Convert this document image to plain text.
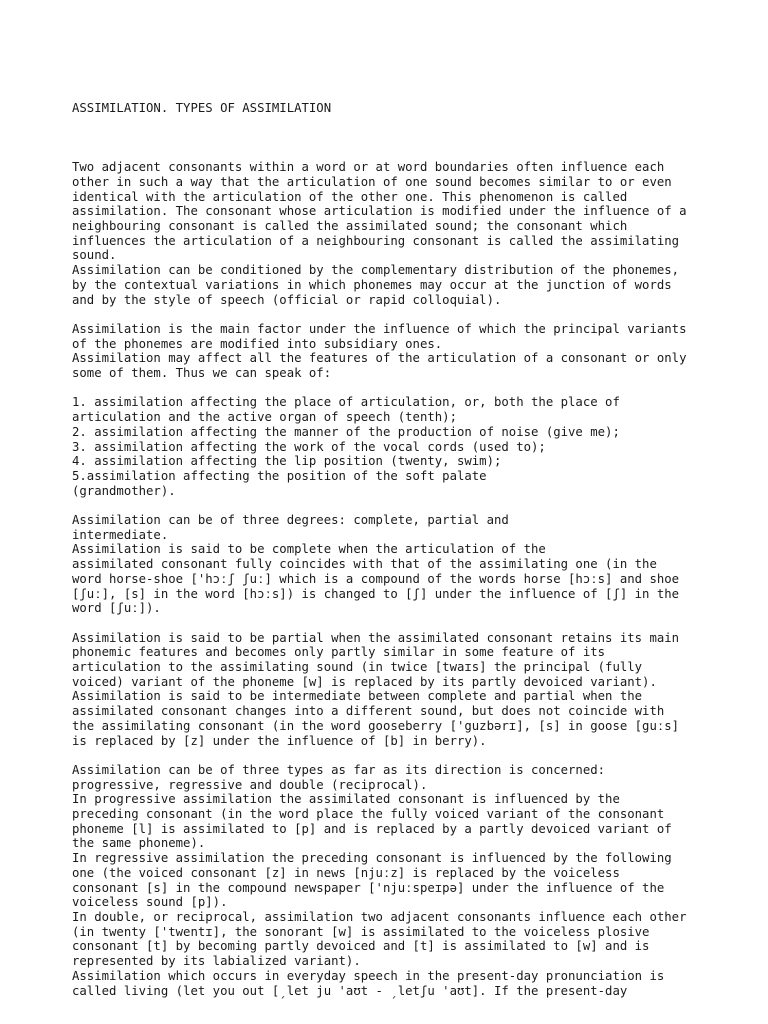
ASSIMILATION. TYPES OF ASSIMILATION

Two adjacent consonants within a word or at word boundaries often influence each
other in such a way that the articulation of one sound becomes similar to or even
identical with the articulation of the other one. This phenomenon is called
assimilation. The consonant whose articulation is modified under the influence of a
neighbouring consonant is called the assimilated sound; the consonant which
influences the articulation of a neighbouring consonant is called the assimilating
sound.
Assimilation can be conditioned by the complementary distribution of the phonemes,
by the contextual variations in which phonemes may occur at the junction of words
and by the style of speech (official or rapid colloquial).
Assimilation is the main factor under the influence of which the principal variants
of the phonemes are modified into subsidiary ones.
Assimilation may affect all the features of the articulation of a consonant or only
some of them. Thus we can speak of:
1. assimilation affecting the place of articulation, or, both the place of
articulation and the active organ of speech (tenth);
2. assimilation affecting the manner of the production of noise (give me);
3. assimilation affecting the work of the vocal cords (used to);
4. assimilation affecting the lip position (twenty, swim);
5.assimilation affecting the position of the soft palate
(grandmother).
Assimilation can be of three degrees: complete, partial and
intermediate.
Assimilation is said to be complete when the articulation of the
assimilated consonant fully coincides with that of the assimilating one (in the
word horse-shoe ['hɔːʃ ʃuː] which is a compound of the words horse [hɔːs] and shoe
[ʃuː], [s] in the word [hɔːs]) is changed to [ʃ] under the influence of [ʃ] in the
word [ʃuː]).
Assimilation is said to be partial when the assimilated consonant retains its main
phonemic features and becomes only partly similar in some feature of its
articulation to the assimilating sound (in twice [twaɪs] the principal (fully
voiced) variant of the phoneme [w] is replaced by its partly devoiced variant).
Assimilation is said to be intermediate between complete and partial when the
assimilated consonant changes into a different sound, but does not coincide with
the assimilating consonant (in the word gooseberry ['guzbərɪ], [s] in goose [guːs]
is replaced by [z] under the influence of [b] in berry).
Assimilation can be of three types as far as its direction is concerned:
progressive, regressive and double (reciprocal).
In progressive assimilation the assimilated consonant is influenced by the
preceding consonant (in the word place the fully voiced variant of the consonant
phoneme [l] is assimilated to [p] and is replaced by a partly devoiced variant of
the same phoneme).
In regressive assimilation the preceding consonant is influenced by the following
one (the voiced consonant [z] in news [njuːz] is replaced by the voiceless
consonant [s] in the compound newspaper ['njuːspeɪpə] under the influence of the
voiceless sound [p]).
In double, or reciprocal, assimilation two adjacent consonants influence each other
(in twenty ['twentɪ], the sonorant [w] is assimilated to the voiceless plosive
consonant [t] by becoming partly devoiced and [t] is assimilated to [w] and is
represented by its labialized variant).
Assimilation which occurs in everyday speech in the present-day pronunciation is
called living (let you out [ˏlet ju 'aʊt - ˏletʃu 'aʊt]. If the present-day
